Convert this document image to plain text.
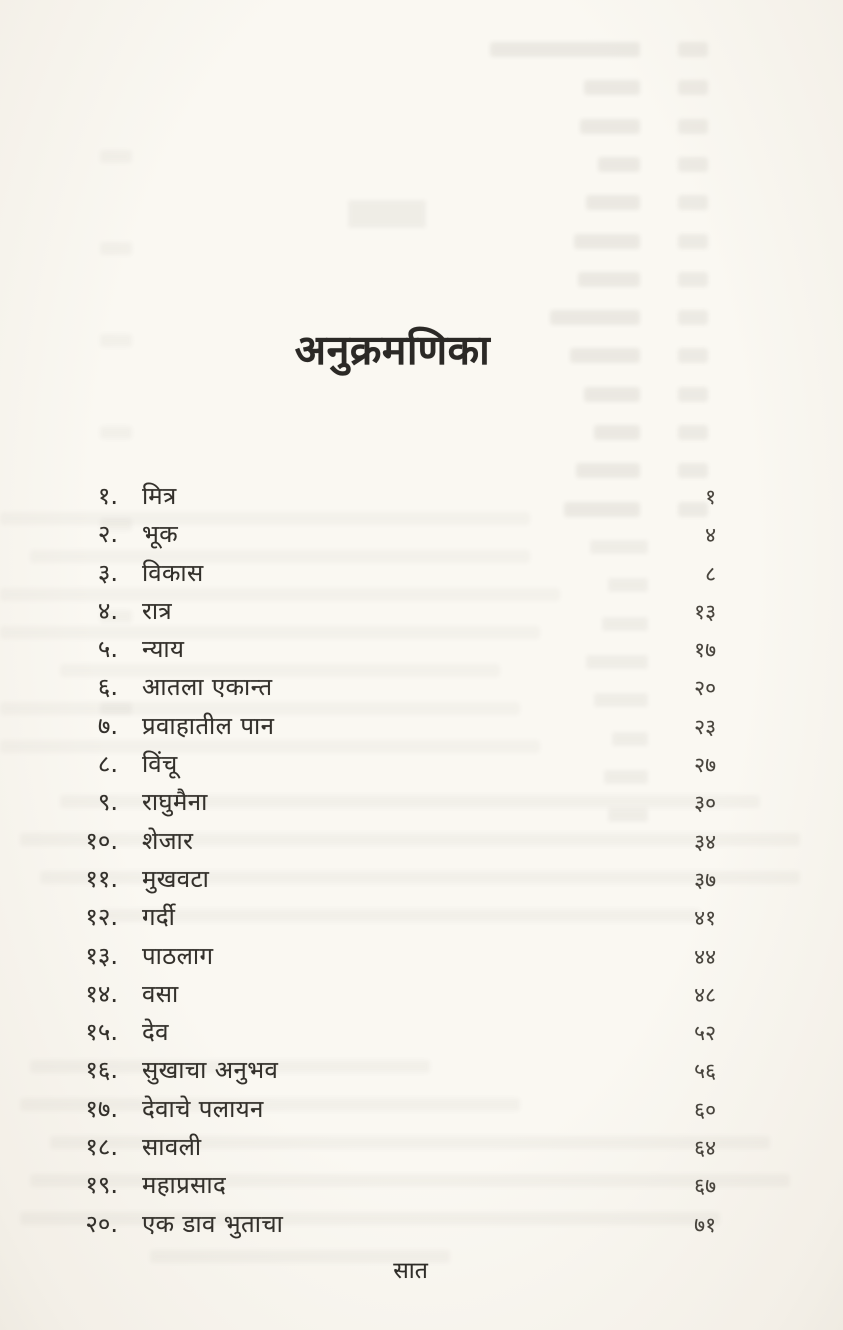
अनुक्रमणिका
१.	मित्र	१
२.	भूक	४
३.	विकास	८
४.	रात्र	१३
५.	न्याय	१७
६.	आतला एकान्त	२०
७.	प्रवाहातील पान	२३
८.	विंचू	२७
९.	राघुमैना	३०
१०.	शेजार	३४
११.	मुखवटा	३७
१२.	गर्दी	४१
१३.	पाठलाग	४४
१४.	वसा	४८
१५.	देव	५२
१६.	सुखाचा अनुभव	५६
१७.	देवाचे पलायन	६०
१८.	सावली	६४
१९.	महाप्रसाद	६७
२०.	एक डाव भुताचा	७१
सात
